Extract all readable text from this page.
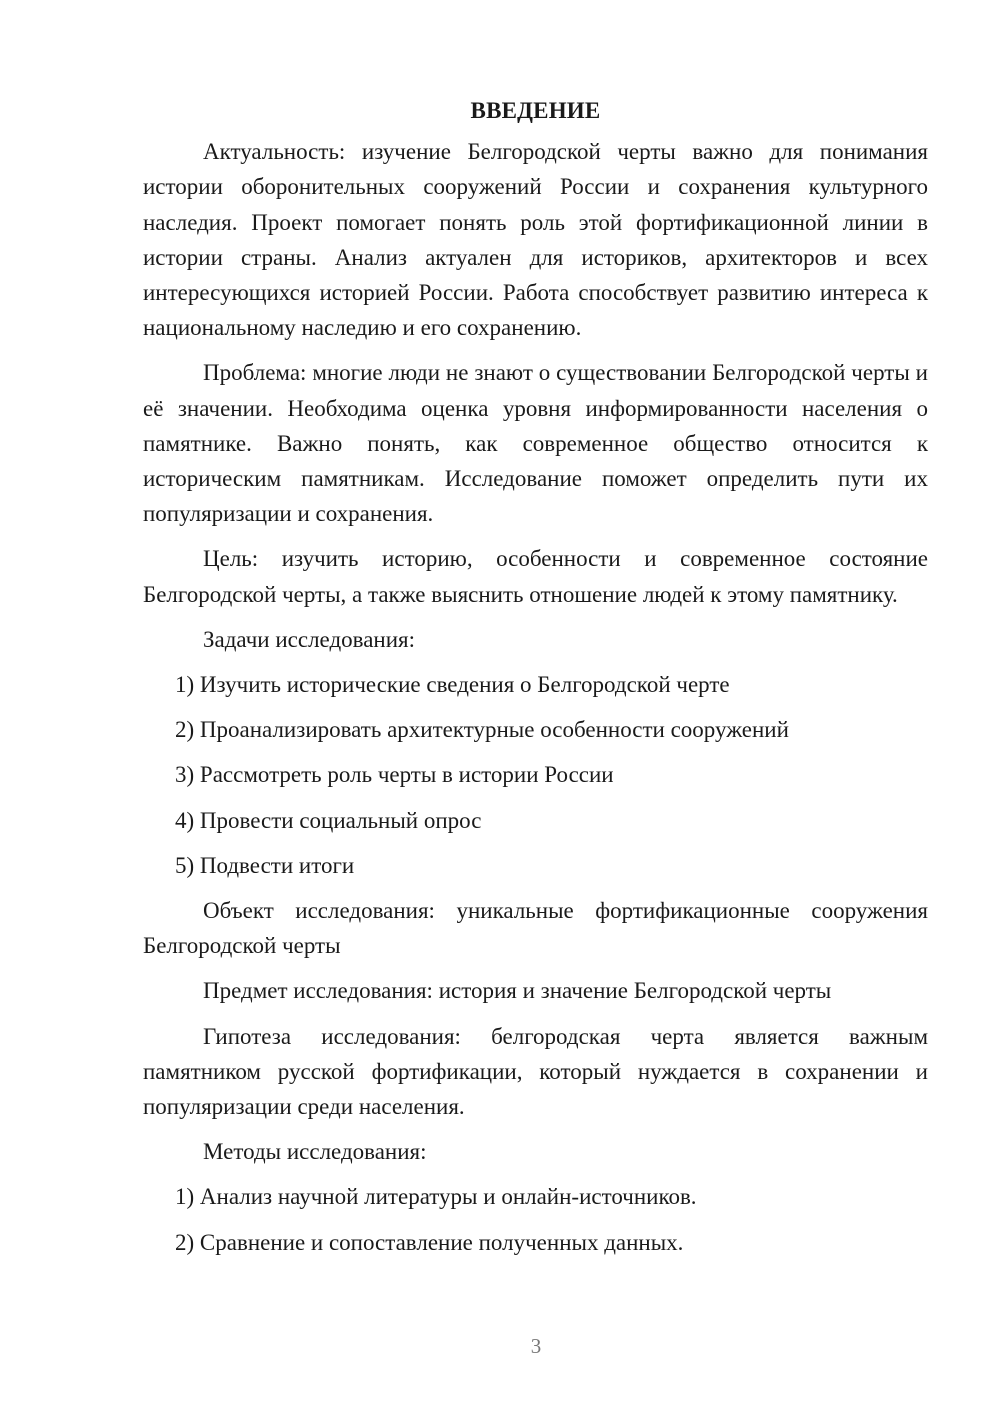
ВВЕДЕНИЕ

Актуальность: изучение Белгородской черты важно для понимания истории оборонительных сооружений России и сохранения культурного наследия. Проект помогает понять роль этой фортификационной линии в истории страны. Анализ актуален для историков, архитекторов и всех интересующихся историей России. Работа способствует развитию интереса к национальному наследию и его сохранению.

Проблема: многие люди не знают о существовании Белгородской черты и её значении. Необходима оценка уровня информированности населения о памятнике. Важно понять, как современное общество относится к историческим памятникам. Исследование поможет определить пути их популяризации и сохранения.

Цель: изучить историю, особенности и современное состояние Белгородской черты, а также выяснить отношение людей к этому памятнику.

Задачи исследования:

1) Изучить исторические сведения о Белгородской черте
2) Проанализировать архитектурные особенности сооружений
3) Рассмотреть роль черты в истории России
4) Провести социальный опрос
5) Подвести итоги

Объект исследования: уникальные фортификационные сооружения Белгородской черты

Предмет исследования: история и значение Белгородской черты

Гипотеза исследования: белгородская черта является важным памятником русской фортификации, который нуждается в сохранении и популяризации среди населения.

Методы исследования:

1) Анализ научной литературы и онлайн-источников.
2) Сравнение и сопоставление полученных данных.
3
